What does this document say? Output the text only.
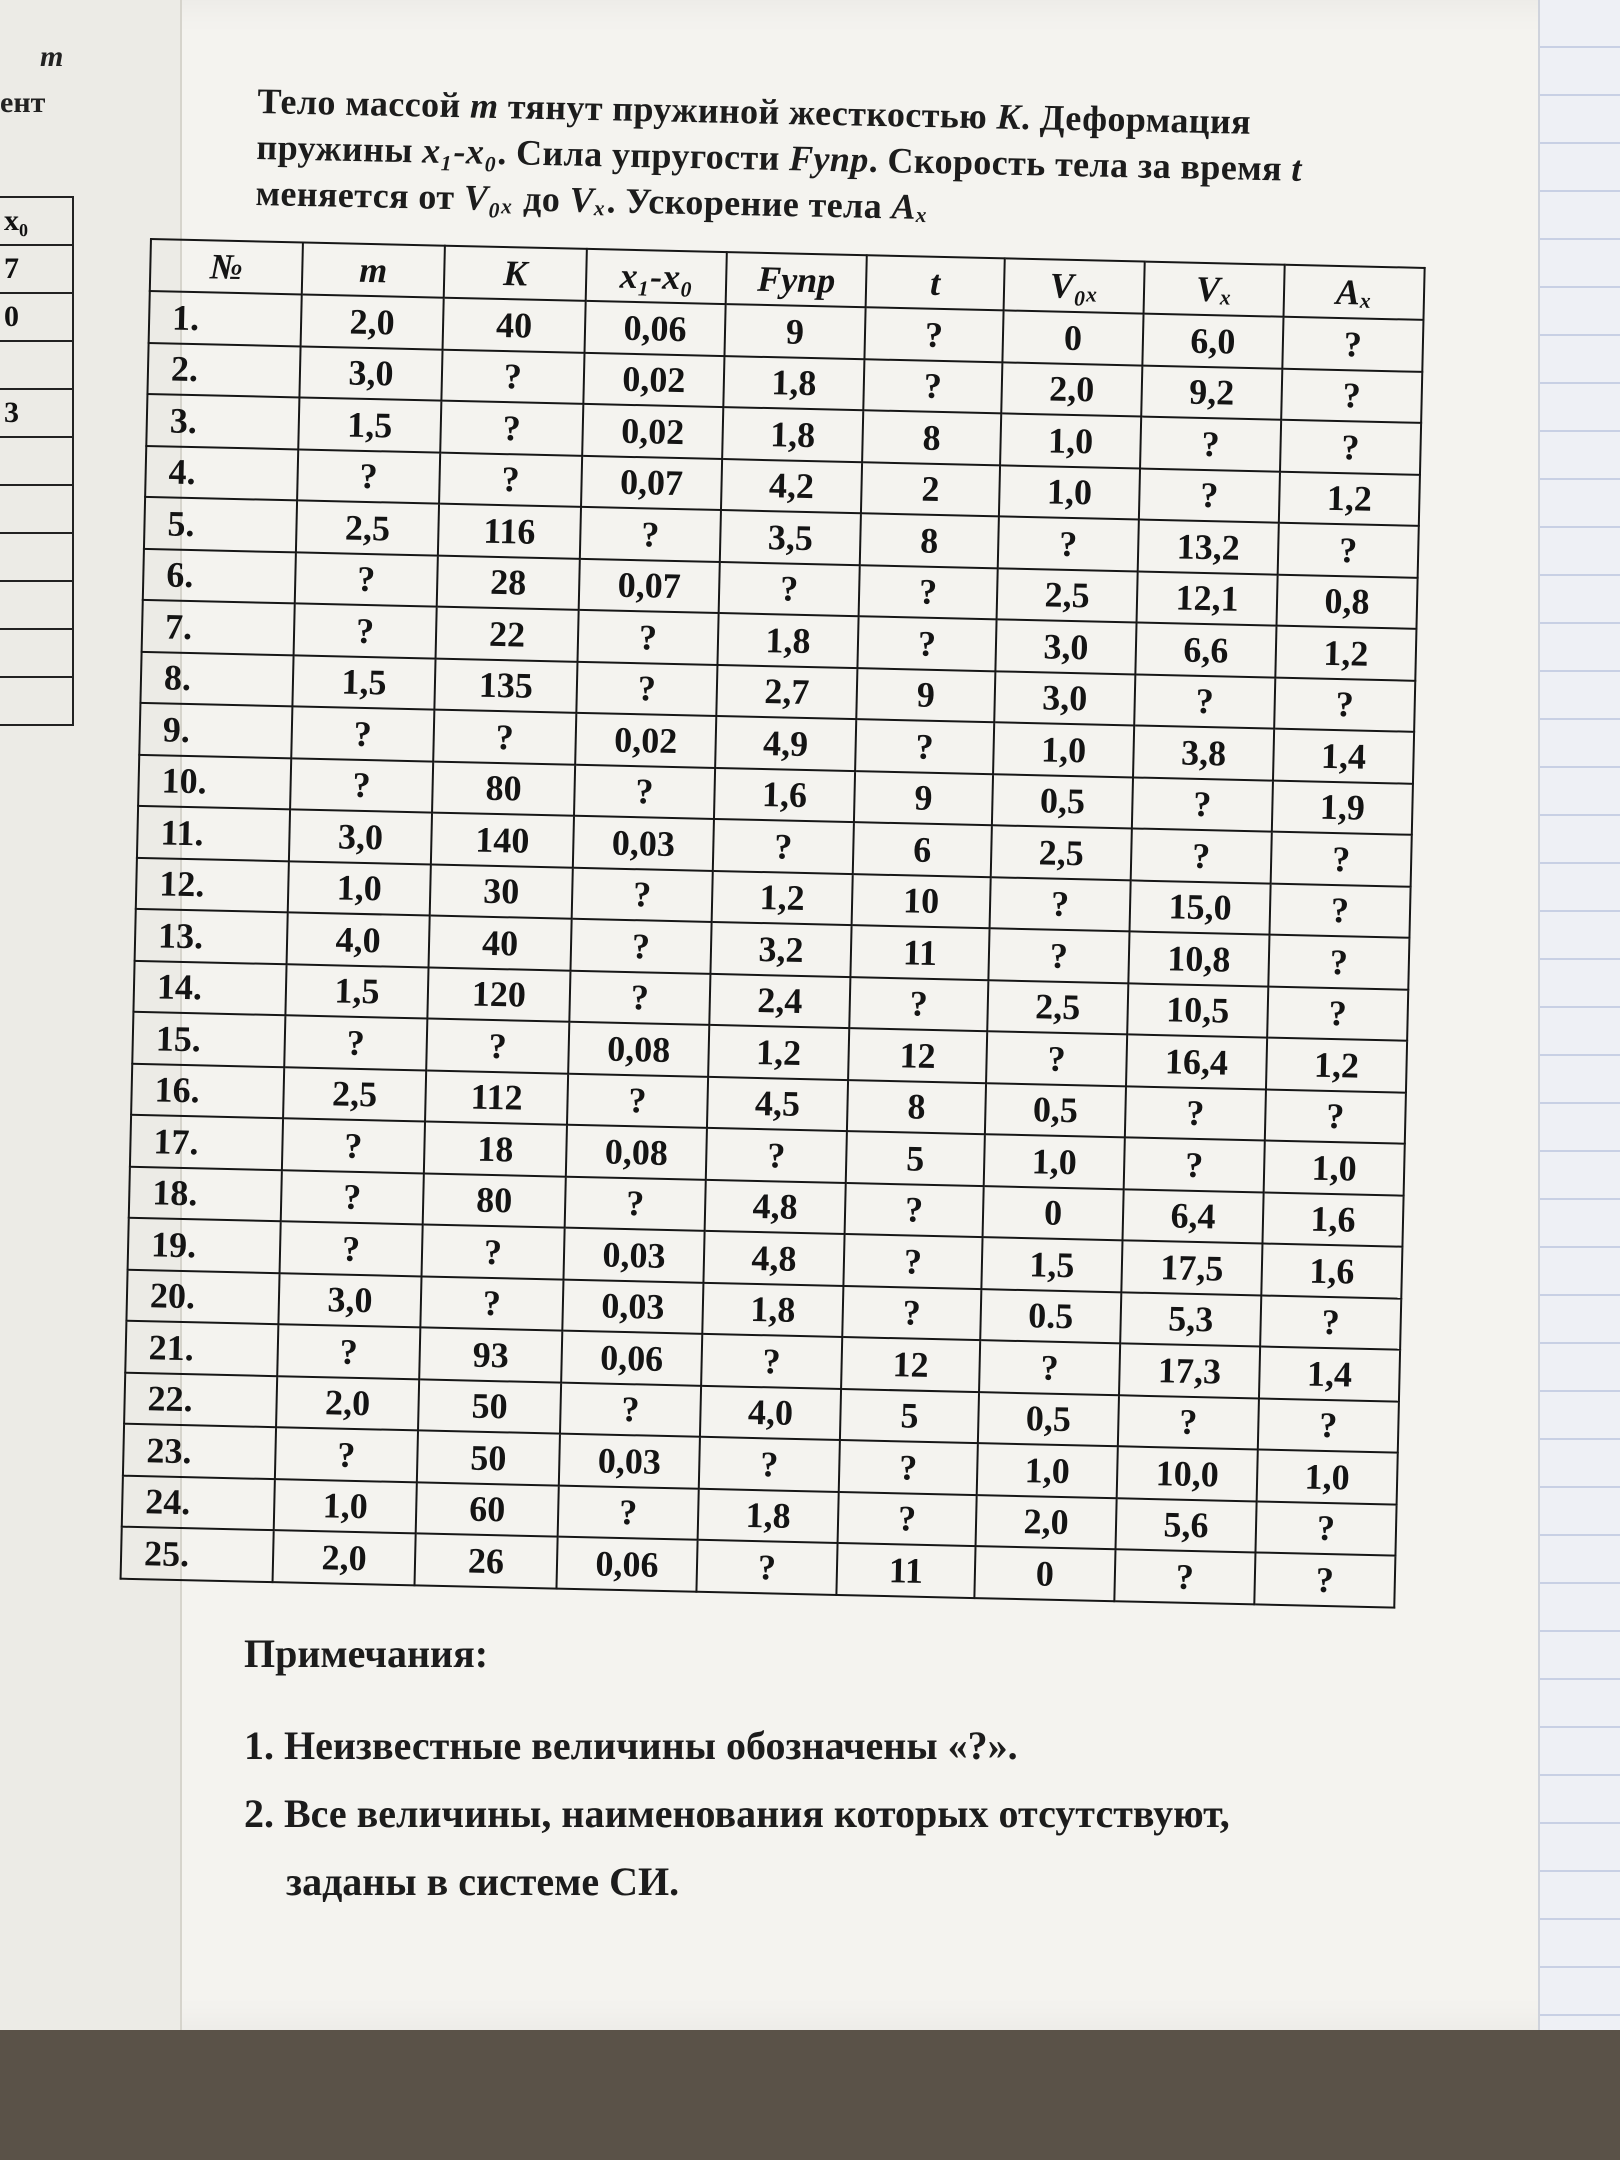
m
ент
x₀
7
0

3

Тело массой m тянут пружиной жесткостью K. Деформация
пружины x₁-x₀. Сила упругости Fупр. Скорость тела за время t
меняется от V₀ₓ до Vₓ. Ускорение тела Aₓ
№	m	K	x₁-x₀	Fупр	t	V₀ₓ	Vₓ	Aₓ
1.	2,0	40	0,06	9	?	0	6,0	?
2.	3,0	?	0,02	1,8	?	2,0	9,2	?
3.	1,5	?	0,02	1,8	8	1,0	?	?
4.	?	?	0,07	4,2	2	1,0	?	1,2
5.	2,5	116	?	3,5	8	?	13,2	?
6.	?	28	0,07	?	?	2,5	12,1	0,8
7.	?	22	?	1,8	?	3,0	6,6	1,2
8.	1,5	135	?	2,7	9	3,0	?	?
9.	?	?	0,02	4,9	?	1,0	3,8	1,4
10.	?	80	?	1,6	9	0,5	?	1,9
11.	3,0	140	0,03	?	6	2,5	?	?
12.	1,0	30	?	1,2	10	?	15,0	?
13.	4,0	40	?	3,2	11	?	10,8	?
14.	1,5	120	?	2,4	?	2,5	10,5	?
15.	?	?	0,08	1,2	12	?	16,4	1,2
16.	2,5	112	?	4,5	8	0,5	?	?
17.	?	18	0,08	?	5	1,0	?	1,0
18.	?	80	?	4,8	?	0	6,4	1,6
19.	?	?	0,03	4,8	?	1,5	17,5	1,6
20.	3,0	?	0,03	1,8	?	0.5	5,3	?
21.	?	93	0,06	?	12	?	17,3	1,4
22.	2,0	50	?	4,0	5	0,5	?	?
23.	?	50	0,03	?	?	1,0	10,0	1,0
24.	1,0	60	?	1,8	?	2,0	5,6	?
25.	2,0	26	0,06	?	11	0	?	?
Примечания:
1. Неизвестные величины обозначены «?».
2. Все величины, наименования которых отсутствуют,
заданы в системе СИ.
